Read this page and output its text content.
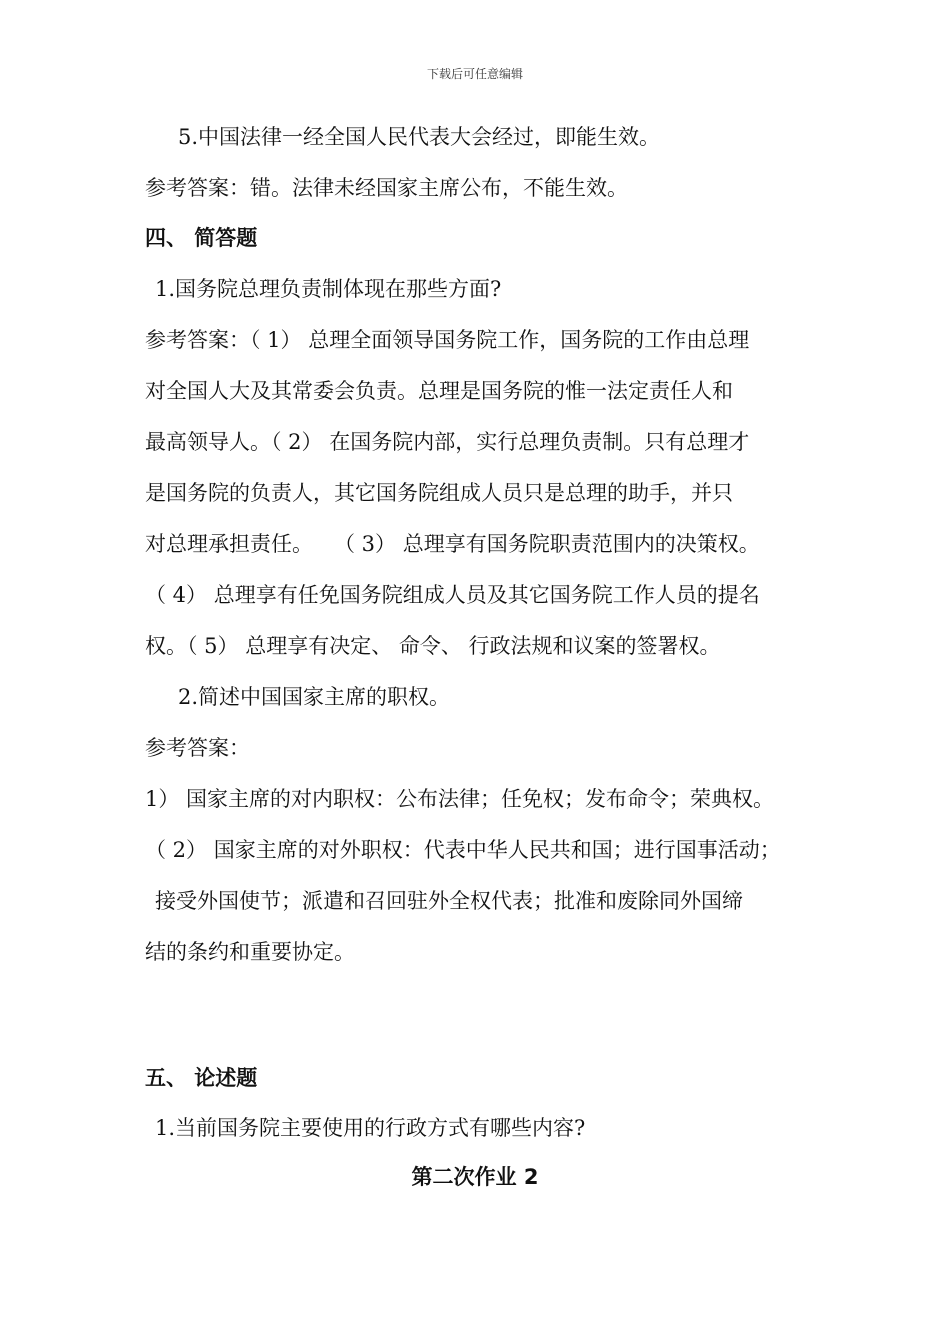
下载后可任意编辑
5.中国法律一经全国人民代表大会经过，即能生效。
参考答案：错。法律未经国家主席公布，不能生效。
四、 简答题
1.国务院总理负责制体现在那些方面?
参考答案：（ 1） 总理全面领导国务院工作，国务院的工作由总理
对全国人大及其常委会负责。总理是国务院的惟一法定责任人和
最高领导人。（ 2） 在国务院内部，实行总理负责制。只有总理才
是国务院的负责人，其它国务院组成人员只是总理的助手，并只
对总理承担责任。　　（ 3） 总理享有国务院职责范围内的决策权。
（ 4） 总理享有任免国务院组成人员及其它国务院工作人员的提名
权。（ 5） 总理享有决定、 命令、 行政法规和议案的签署权。
2.简述中国国家主席的职权。
参考答案：
1） 国家主席的对内职权：公布法律；任免权；发布命令；荣典权。
（ 2） 国家主席的对外职权：代表中华人民共和国；进行国事活动；
接受外国使节；派遣和召回驻外全权代表；批准和废除同外国缔
结的条约和重要协定。
五、 论述题
1.当前国务院主要使用的行政方式有哪些内容?
第二次作业 2
